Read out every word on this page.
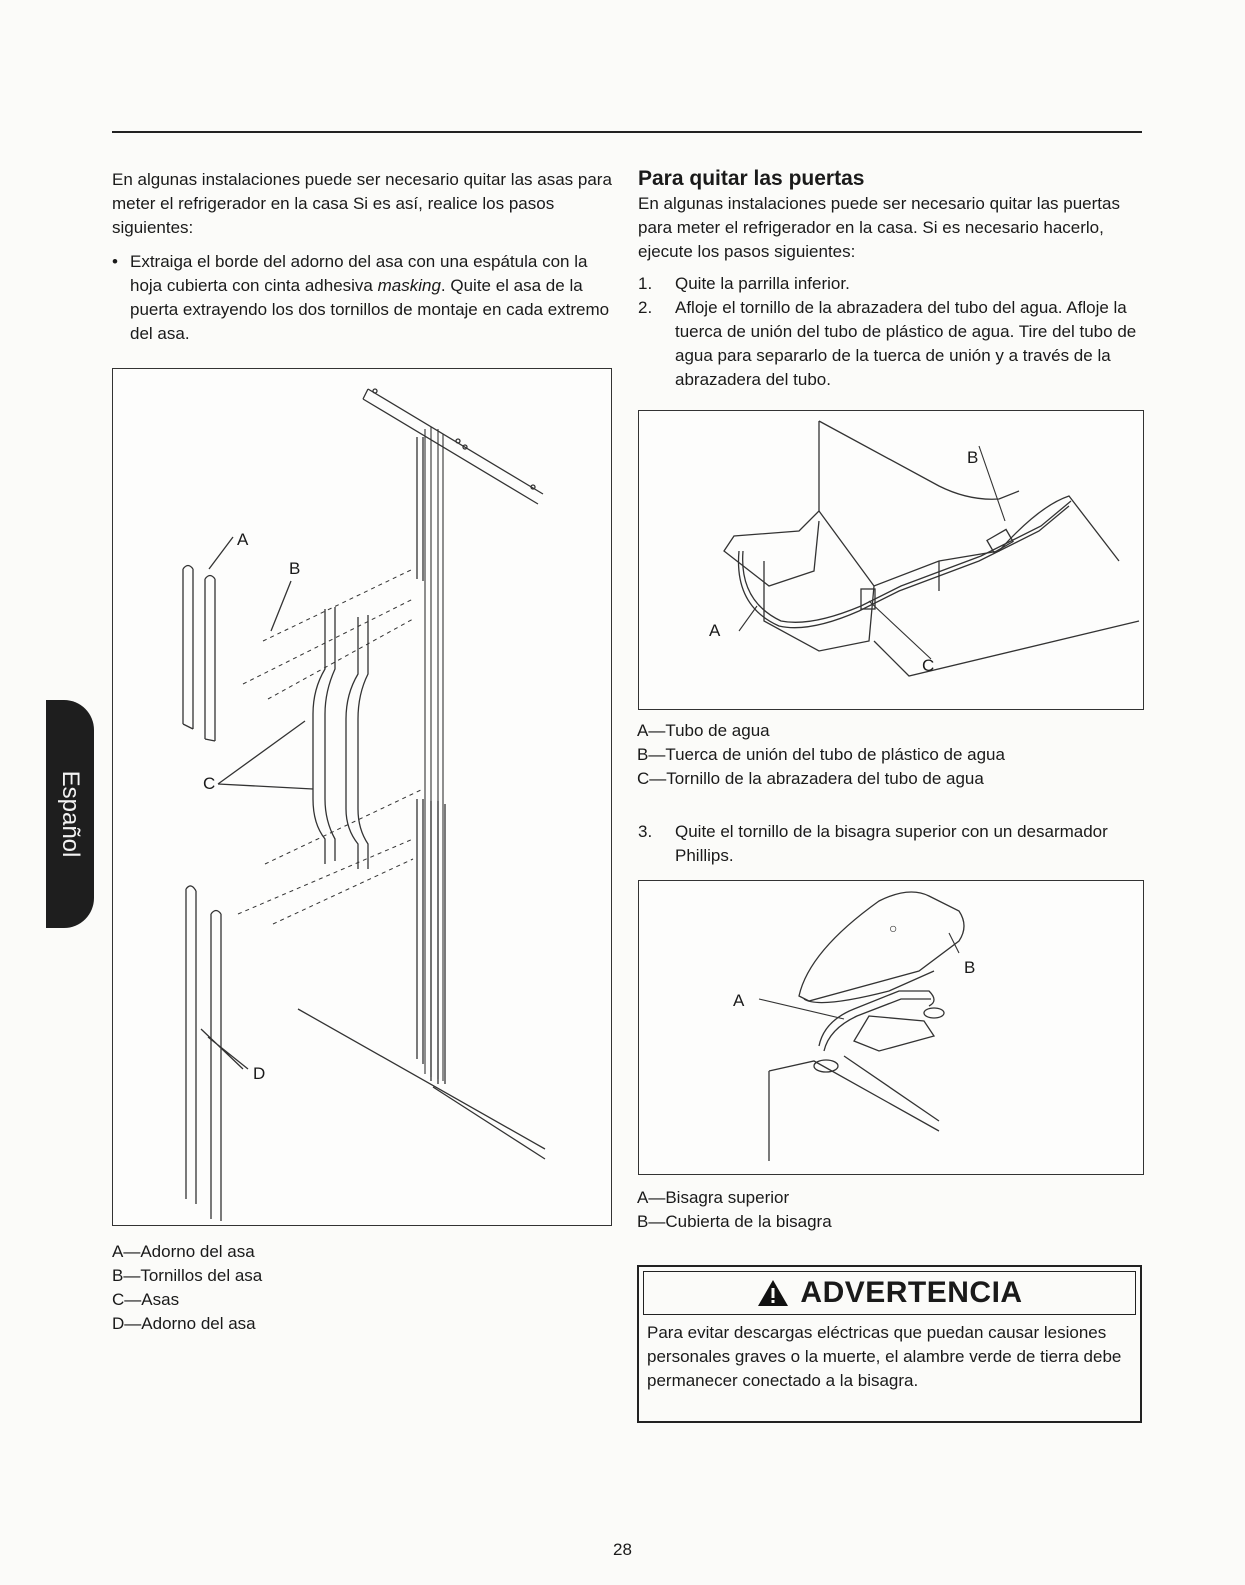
Español

En algunas instalaciones puede ser necesario quitar las asas para meter el refrigerador en la casa Si es así, realice los pasos siguientes:

• Extraiga el borde del adorno del asa con una espátula con la hoja cubierta con cinta adhesiva masking. Quite el asa de la puerta extrayendo los dos tornillos de montaje en cada extremo del asa.
A
B
C
D
A—Adorno del asa
B—Tornillos del asa
C—Asas
D—Adorno del asa
Para quitar las puertas

En algunas instalaciones puede ser necesario quitar las puertas para meter el refrigerador en la casa. Si es necesario hacerlo, ejecute los pasos siguientes:

1.	Quite la parrilla inferior.
2.	Afloje el tornillo de la abrazadera del tubo del agua. Afloje la tuerca de unión del tubo de plástico de agua. Tire del tubo de agua para separarlo de la tuerca de unión y a través de la abrazadera del tubo.
B
A
C
A—Tubo de agua
B—Tuerca de unión del tubo de plástico de agua
C—Tornillo de la abrazadera del tubo de agua
3.	Quite el tornillo de la bisagra superior con un desarmador Phillips.
○
A
B
A—Bisagra superior
B—Cubierta de la bisagra
ADVERTENCIA
Para evitar descargas eléctricas que puedan causar lesiones personales graves o la muerte, el alambre verde de tierra debe permanecer conectado a la bisagra.
28
